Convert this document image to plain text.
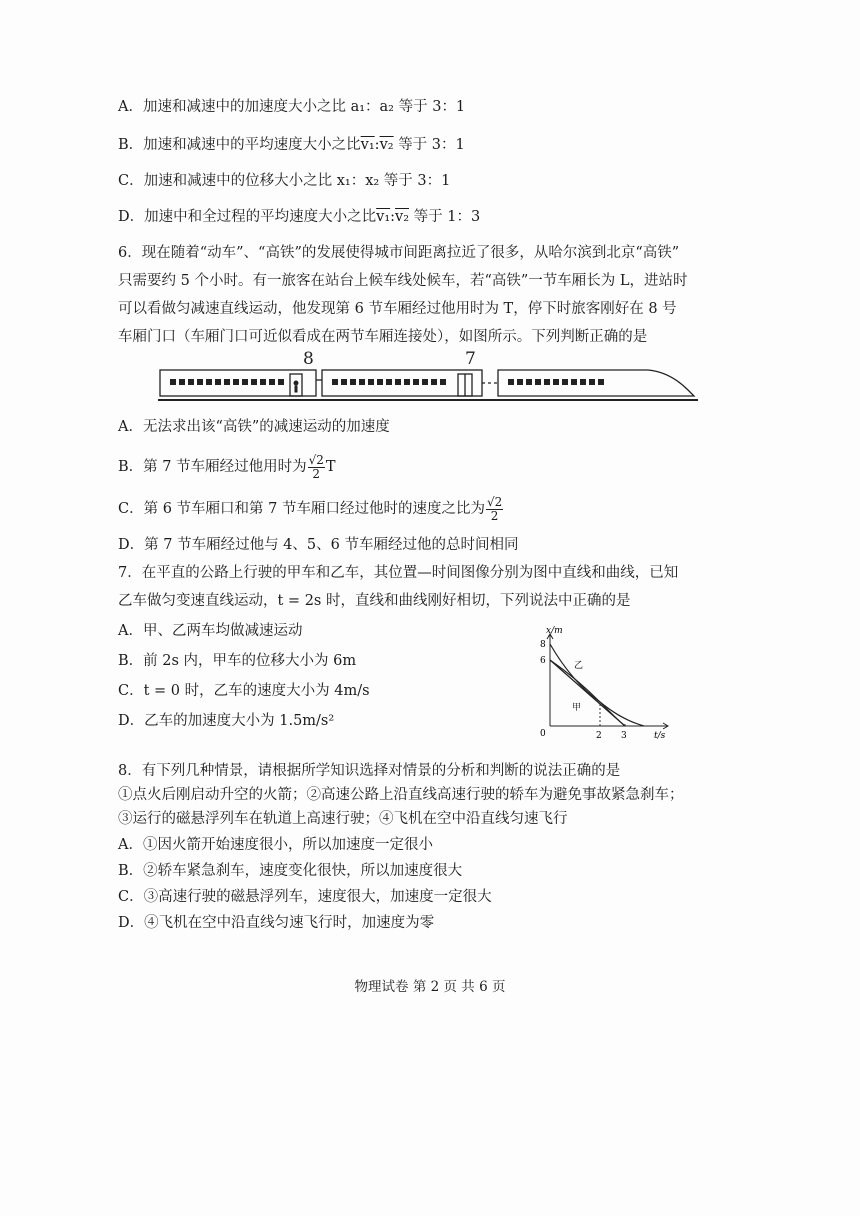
A．加速和减速中的加速度大小之比 a₁：a₂ 等于 3：1
B．加速和减速中的平均速度大小之比v₁:v₂ 等于 3：1
C．加速和减速中的位移大小之比 x₁：x₂ 等于 3：1
D．加速中和全过程的平均速度大小之比v₁:v₂ 等于 1：3
6．现在随着“动车”、“高铁”的发展使得城市间距离拉近了很多，从哈尔滨到北京“高铁”
只需要约 5 个小时。有一旅客在站台上候车线处候车，若“高铁”一节车厢长为 L，进站时
可以看做匀减速直线运动，他发现第 6 节车厢经过他用时为 T，停下时旅客刚好在 8 号
车厢门口（车厢门口可近似看成在两节车厢连接处），如图所示。下列判断正确的是
8	7
A．无法求出该“高铁”的减速运动的加速度
B．第 7 节车厢经过他用时为 $\frac{√2}{2}$ T
C．第 6 节车厢口和第 7 节车厢口经过他时的速度之比为 $\frac{√2}{2}$
D．第 7 节车厢经过他与 4、5、6 节车厢经过他的总时间相同
7．在平直的公路上行驶的甲车和乙车，其位置—时间图像分别为图中直线和曲线，已知
乙车做匀变速直线运动，t = 2s 时，直线和曲线刚好相切，下列说法中正确的是
A．甲、乙两车均做减速运动
B．前 2s 内，甲车的位移大小为 6m
C．t = 0 时，乙车的速度大小为 4m/s
D．乙车的加速度大小为 1.5m/s²
x/m
t/s
0
8
6
2 3
乙
甲
8．有下列几种情景，请根据所学知识选择对情景的分析和判断的说法正确的是
①点火后刚启动升空的火箭；②高速公路上沿直线高速行驶的轿车为避免事故紧急刹车；
③运行的磁悬浮列车在轨道上高速行驶；④飞机在空中沿直线匀速飞行
A．①因火箭开始速度很小，所以加速度一定很小
B．②轿车紧急刹车，速度变化很快，所以加速度很大
C．③高速行驶的磁悬浮列车，速度很大，加速度一定很大
D．④飞机在空中沿直线匀速飞行时，加速度为零
物理试卷 第 2 页 共 6 页
